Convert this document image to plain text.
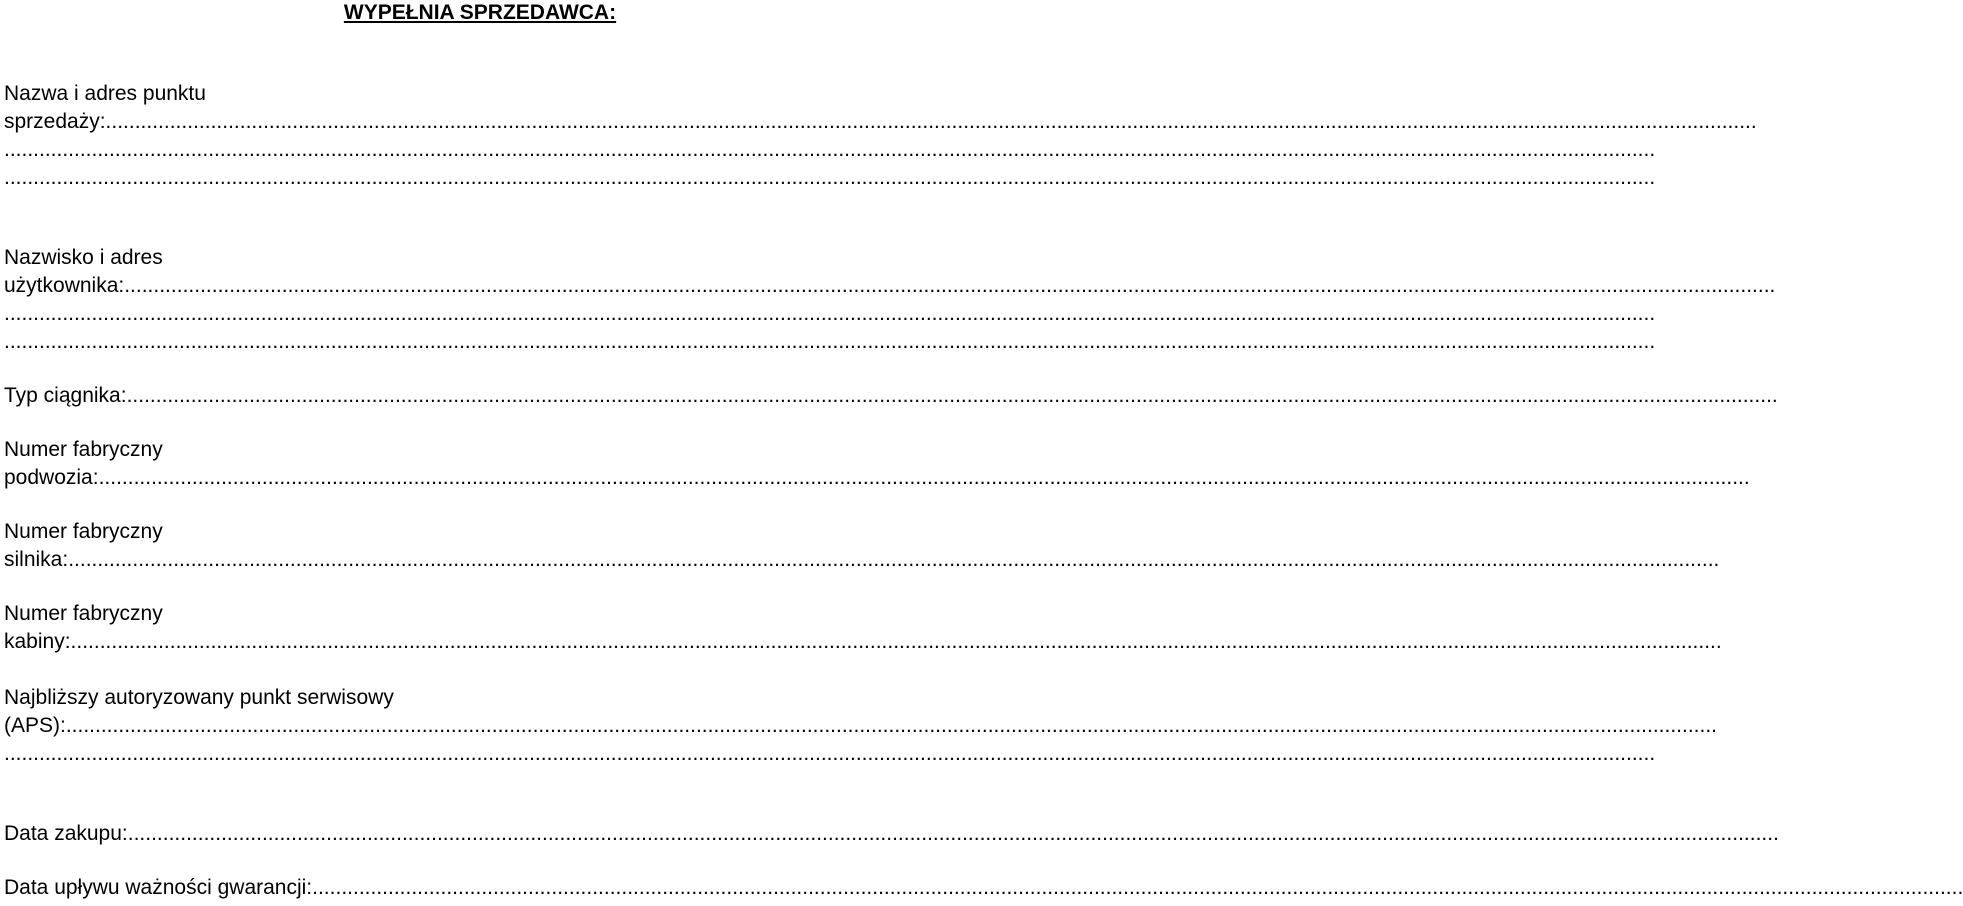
WYPEŁNIA SPRZEDAWCA:
Nazwa i adres punktu
sprzedaży: ...........................................................................................................................................................................................................................................................................................
...........................................................................................................................................................................................................................................................................................
...........................................................................................................................................................................................................................................................................................
Nazwisko i adres
użytkownika: ...........................................................................................................................................................................................................................................................................................
...........................................................................................................................................................................................................................................................................................
...........................................................................................................................................................................................................................................................................................
Typ ciągnika: ...........................................................................................................................................................................................................................................................................................
Numer fabryczny
podwozia: ...........................................................................................................................................................................................................................................................................................
Numer fabryczny
silnika: ...........................................................................................................................................................................................................................................................................................
Numer fabryczny
kabiny: ...........................................................................................................................................................................................................................................................................................
Najbliższy autoryzowany punkt serwisowy
(APS): ...........................................................................................................................................................................................................................................................................................
...........................................................................................................................................................................................................................................................................................
Data zakupu: ...........................................................................................................................................................................................................................................................................................
Data upływu ważności gwarancji: ...........................................................................................................................................................................................................................................................................................
